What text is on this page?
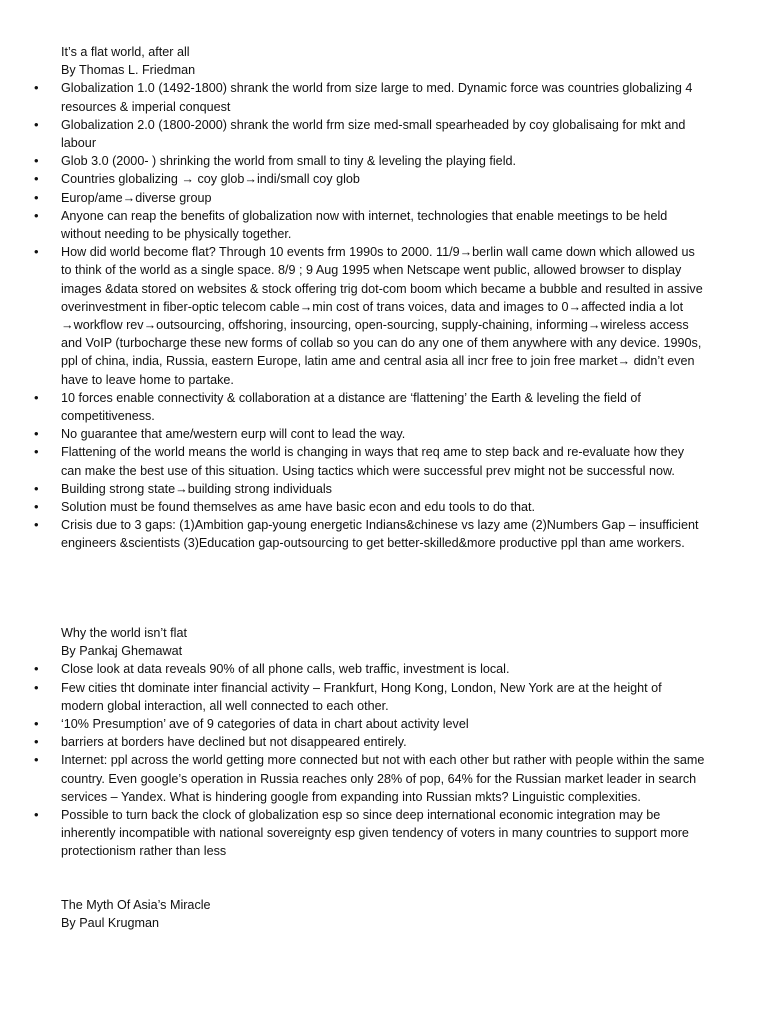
It’s a flat world, after all
By Thomas L. Friedman
• Globalization 1.0 (1492-1800) shrank the world from size large to med. Dynamic force was countries globalizing 4 resources & imperial conquest
• Globalization 2.0 (1800-2000) shrank the world frm size med-small spearheaded by coy globalisaing for mkt and labour
• Glob 3.0 (2000- ) shrinking the world from small to tiny & leveling the playing field.
• Countries globalizing → coy glob→indi/small coy glob
• Europ/ame→diverse group
• Anyone can reap the benefits of globalization now with internet, technologies that enable meetings to be held without needing to be physically together.
• How did world become flat? Through 10 events frm 1990s to 2000. 11/9→berlin wall came down which allowed us to think of the world as a single space. 8/9 ; 9 Aug 1995 when Netscape went public, allowed browser to display images &data stored on websites & stock offering trig dot-com boom which became a bubble and resulted in assive overinvestment in fiber-optic telecom cable→min cost of trans voices, data and images to 0→affected india a lot →workflow rev→outsourcing, offshoring, insourcing, open-sourcing, supply-chaining, informing→wireless access and VoIP (turbocharge these new forms of collab so you can do any one of them anywhere with any device. 1990s, ppl of china, india, Russia, eastern Europe, latin ame and central asia all incr free to join free market→ didn’t even have to leave home to partake.
• 10 forces enable connectivity & collaboration at a distance are ‘flattening’ the Earth & leveling the field of competitiveness.
• No guarantee that ame/western eurp will cont to lead the way.
• Flattening of the world means the world is changing in ways that req ame to step back and re-evaluate how they can make the best use of this situation. Using tactics which were successful prev might not be successful now.
• Building strong state→building strong individuals
• Solution must be found themselves as ame have basic econ and edu tools to do that.
• Crisis due to 3 gaps: (1)Ambition gap-young energetic Indians&chinese vs lazy ame (2)Numbers Gap – insufficient engineers &scientists (3)Education gap-outsourcing to get better-skilled&more productive ppl than ame workers.
Why the world isn’t flat
By Pankaj Ghemawat
• Close look at data reveals 90% of all phone calls, web traffic, investment is local.
• Few cities tht dominate inter financial activity – Frankfurt, Hong Kong, London, New York are at the height of modern global interaction, all well connected to each other.
• ‘10% Presumption’ ave of 9 categories of data in chart about activity level
• barriers at borders have declined but not disappeared entirely.
• Internet: ppl across the world getting more connected but not with each other but rather with people within the same country. Even google’s operation in Russia reaches only 28% of pop, 64% for the Russian market leader in search services – Yandex. What is hindering google from expanding into Russian mkts? Linguistic complexities.
• Possible to turn back the clock of globalization esp so since deep international economic integration may be inherently incompatible with national sovereignty esp given tendency of voters in many countries to support more protectionism rather than less
The Myth Of Asia’s Miracle
By Paul Krugman
